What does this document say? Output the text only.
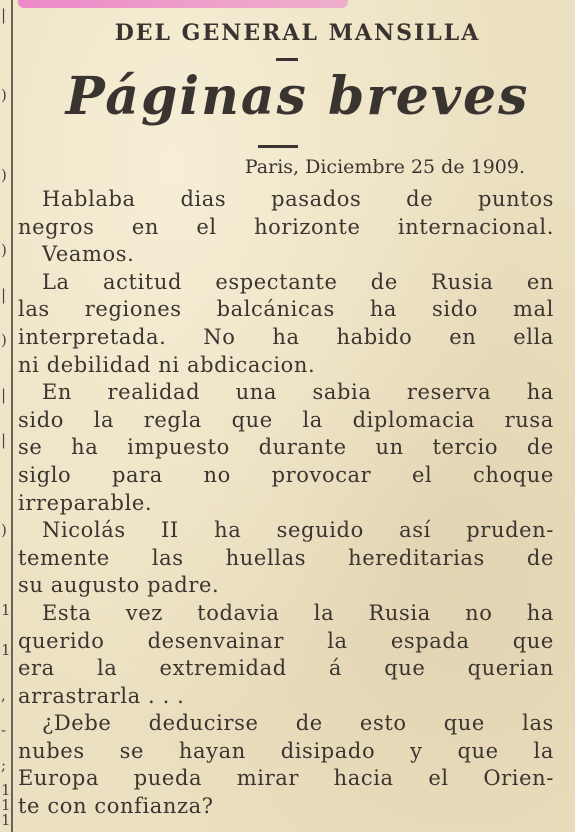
|
)
)
)
|
)
|
|
)
1
1
,
-
;
1
1
1
DEL GENERAL MANSILLA
Páginas breves
Paris, Diciembre 25 de 1909.
Hablaba dias pasados de puntos
negros en el horizonte internacional.
Veamos.
La actitud espectante de Rusia en
las regiones balcánicas ha sido mal
interpretada. No ha habido en ella
ni debilidad ni abdicacion.
En realidad una sabia reserva ha
sido la regla que la diplomacia rusa
se ha impuesto durante un tercio de
siglo para no provocar el choque
irreparable.
Nicolás II ha seguido así pruden-
temente las huellas hereditarias de
su augusto padre.
Esta vez todavia la Rusia no ha
querido desenvainar la espada que
era la extremidad á que querian
arrastrarla . . .
¿Debe deducirse de esto que las
nubes se hayan disipado y que la
Europa pueda mirar hacia el Orien-
te con confianza?
